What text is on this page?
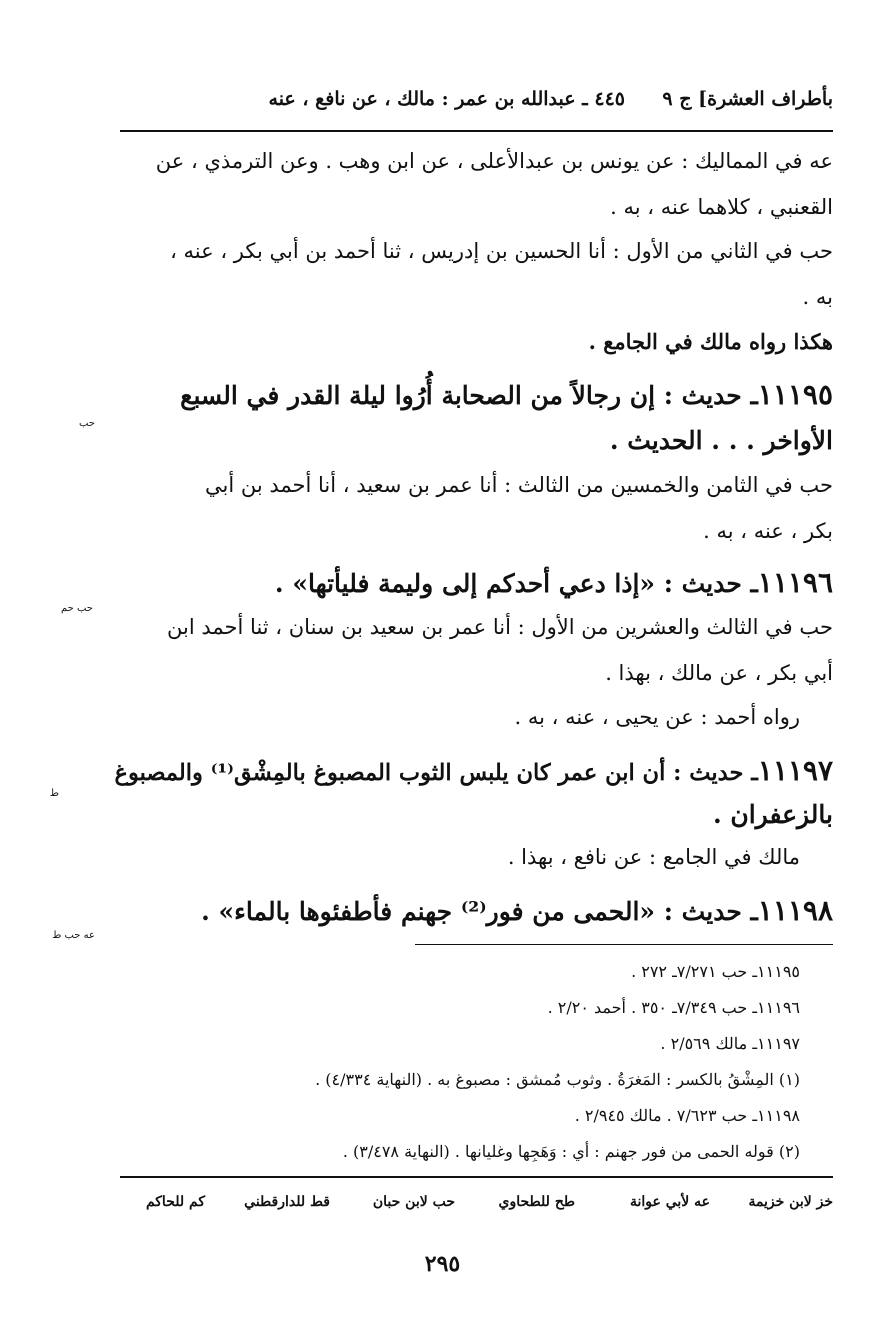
بأطراف العشرة] ج ٩
٤٤٥ ـ عبدالله بن عمر : مالك ، عن نافع ، عنه
عه في المماليك : عن يونس بن عبدالأعلى ، عن ابن وهب . وعن الترمذي ، عن
القعنبي ، كلاهما عنه ، به .
حب في الثاني من الأول : أنا الحسين بن إدريس ، ثنا أحمد بن أبي بكر ، عنه ،
به .
هكذا رواه مالك في الجامع .
١١١٩٥ـ حديث : إن رجالاً من الصحابة أُرُوا ليلة القدر في السبع
حب
الأواخر . . . الحديث .
حب في الثامن والخمسين من الثالث : أنا عمر بن سعيد ، أنا أحمد بن أبي
بكر ، عنه ، به .
١١١٩٦ـ حديث : «إذا دعي أحدكم إلى وليمة فليأتها» .
حب حم
حب في الثالث والعشرين من الأول : أنا عمر بن سعيد بن سنان ، ثنا أحمد ابن
أبي بكر ، عن مالك ، بهذا .
رواه أحمد : عن يحيى ، عنه ، به .
١١١٩٧ـ حديث : أن ابن عمر كان يلبس الثوب المصبوغ بالمِشْق⁽¹⁾ والمصبوغ
ط
بالزعفران .
مالك في الجامع : عن نافع ، بهذا .
١١١٩٨ـ حديث : «الحمى من فور⁽²⁾ جهنم فأطفئوها بالماء» .
عه حب ط
١١١٩٥ـ حب ٧/٢٧١ـ ٢٧٢ .
١١١٩٦ـ حب ٧/٣٤٩ـ ٣٥٠ . أحمد ٢/٢٠ .
١١١٩٧ـ مالك ٢/٥٦٩ .
(١) المِشْقُ بالكسر : المَغرَةُ . وثوب مُمشق : مصبوغ به . (النهاية ٤/٣٣٤) .
١١١٩٨ـ حب ٧/٦٢٣ . مالك ٢/٩٤٥ .
(٢) قوله الحمى من فور جهنم : أي : وَهَجِها وغليانها . (النهاية ٣/٤٧٨) .
خز لابن خزيمة
عه لأبي عوانة
طح للطحاوي
حب لابن حبان
قط للدارقطني
كم للحاكم
٢٩٥
